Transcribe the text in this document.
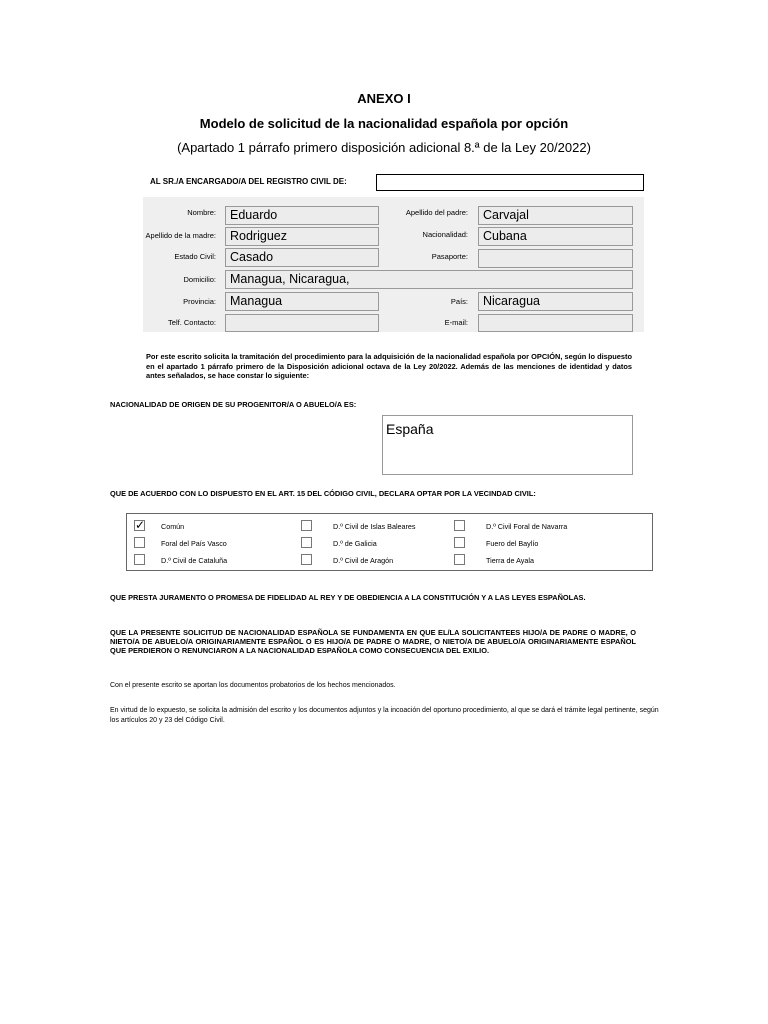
ANEXO I
Modelo de solicitud de la nacionalidad española por opción
(Apartado 1 párrafo primero disposición adicional 8.ª de la Ley 20/2022)
AL SR./A ENCARGADO/A DEL REGISTRO CIVIL DE:
Nombre:	Eduardo	Apellido del padre:	Carvajal
Apellido de la madre:	Rodriguez	Nacionalidad:	Cubana
Estado Civil:	Casado	Pasaporte:
Domicilio:	Managua, Nicaragua,
Provincia:	Managua	País:	Nicaragua
Telf. Contacto:	E-mail:
Por este escrito solicita la tramitación del procedimiento para la adquisición de la nacionalidad española por OPCIÓN, según lo dispuesto en el apartado 1 párrafo primero de la Disposición adicional octava de la Ley 20/2022. Además de las menciones de identidad y datos antes señalados, se hace constar lo siguiente:
NACIONALIDAD DE ORIGEN DE SU PROGENITOR/A O ABUELO/A ES:
España
QUE DE ACUERDO CON LO DISPUESTO EN EL ART. 15 DEL CÓDIGO CIVIL, DECLARA OPTAR POR LA VECINDAD CIVIL:
✓ Común
Foral del País Vasco
D.º Civil de Cataluña
D.º Civil de Islas Baleares
D.º de Galicia
D.º Civil de Aragón
D.º Civil Foral de Navarra
Fuero del Baylío
Tierra de Ayala
QUE PRESTA JURAMENTO O PROMESA DE FIDELIDAD AL REY Y DE OBEDIENCIA A LA CONSTITUCIÓN Y A LAS LEYES ESPAÑOLAS.
QUE LA PRESENTE SOLICITUD DE NACIONALIDAD ESPAÑOLA SE FUNDAMENTA EN QUE EL/LA SOLICITANTEES HIJO/A DE PADRE O MADRE, O NIETO/A DE ABUELO/A ORIGINARIAMENTE ESPAÑOL O ES HIJO/A DE PADRE O MADRE, O NIETO/A DE ABUELO/A ORIGINARIAMENTE ESPAÑOL QUE PERDIERON O RENUNCIARON A LA NACIONALIDAD ESPAÑOLA COMO CONSECUENCIA DEL EXILIO.
Con el presente escrito se aportan los documentos probatorios de los hechos mencionados.
En virtud de lo expuesto, se solicita la admisión del escrito y los documentos adjuntos y la incoación del oportuno procedimiento, al que se dará el trámite legal pertinente, según los artículos 20 y 23 del Código Civil.
